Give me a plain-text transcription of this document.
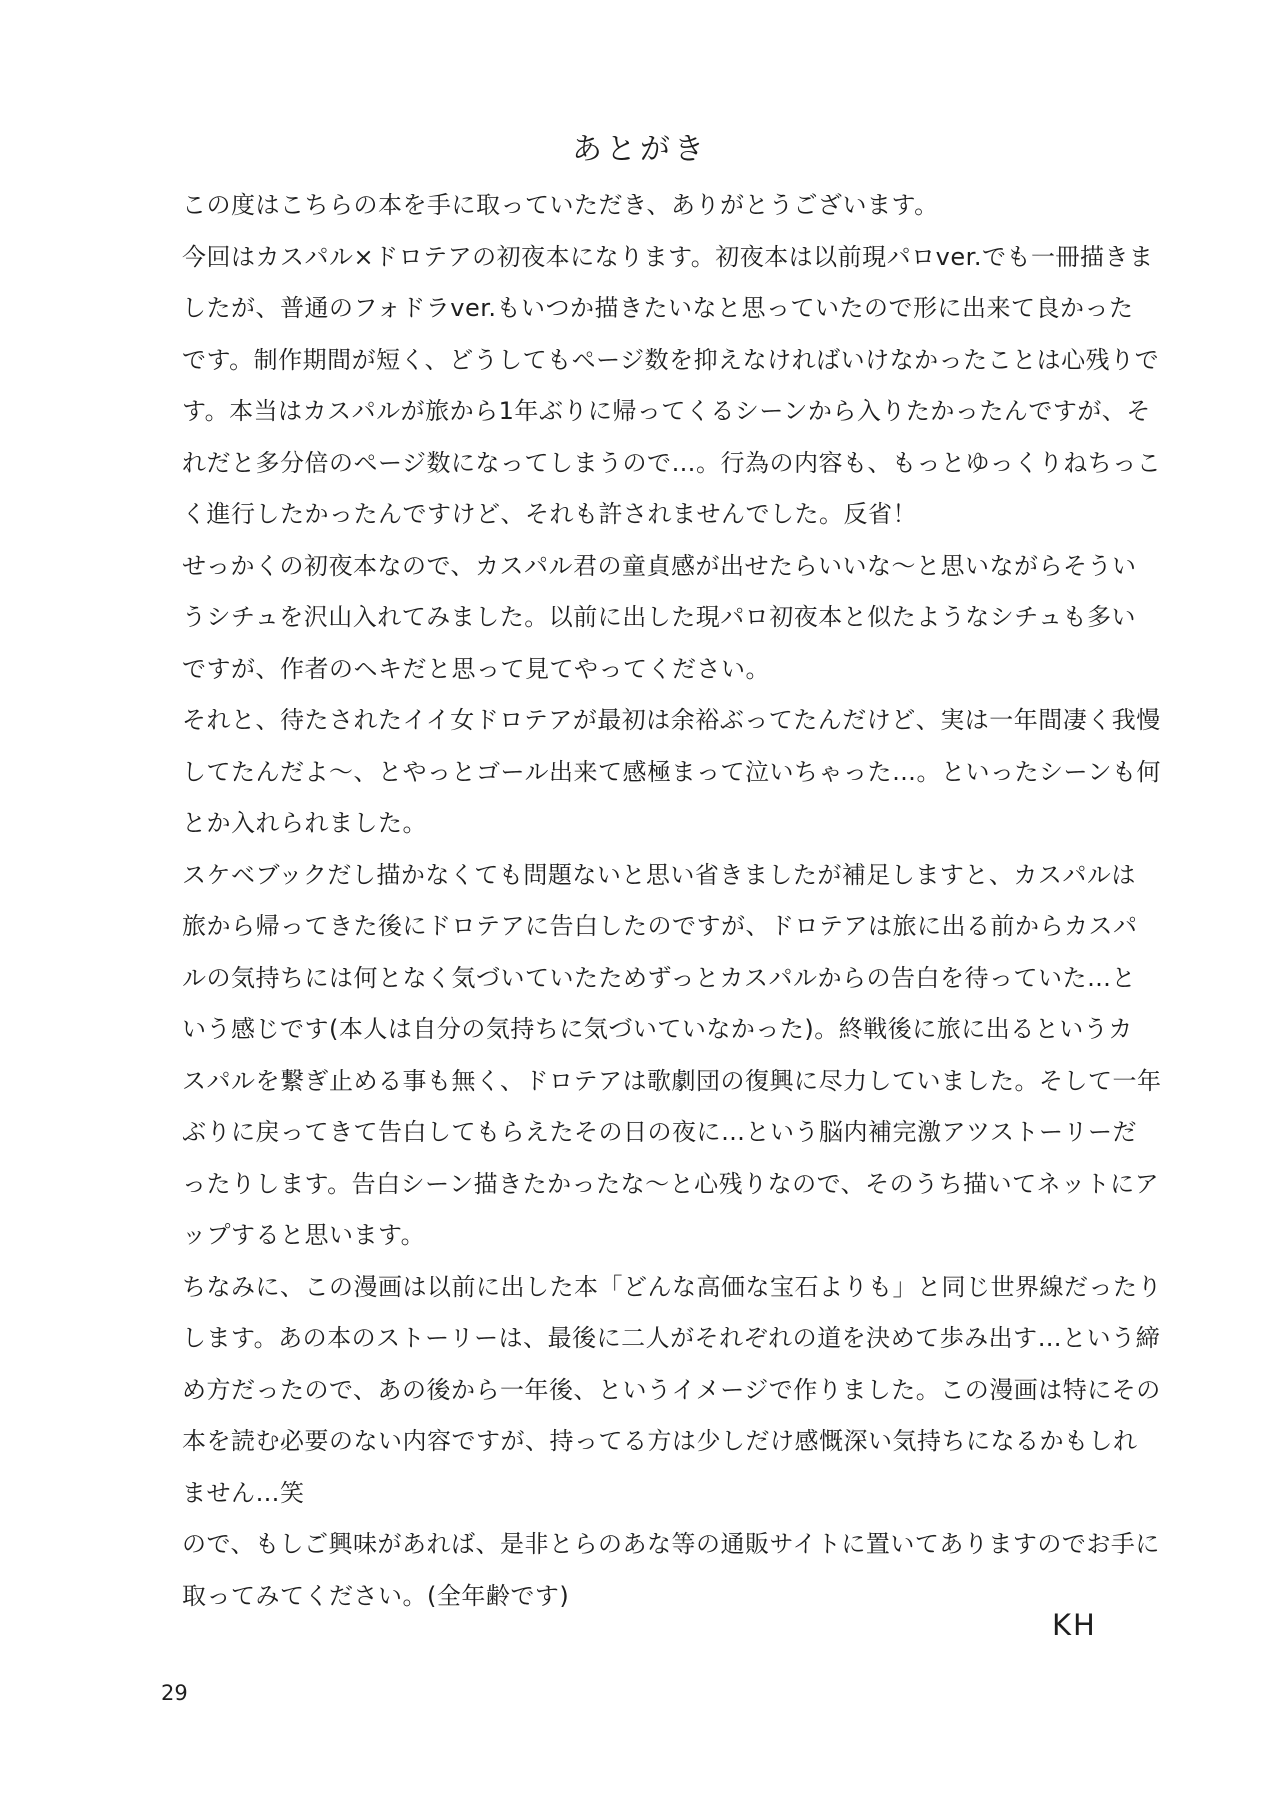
あとがき
この度はこちらの本を手に取っていただき、ありがとうございます。
今回はカスパル×ドロテアの初夜本になります。初夜本は以前現パロver.でも一冊描きま
したが、普通のフォドラver.もいつか描きたいなと思っていたので形に出来て良かった
です。制作期間が短く、どうしてもページ数を抑えなければいけなかったことは心残りで
す。本当はカスパルが旅から1年ぶりに帰ってくるシーンから入りたかったんですが、そ
れだと多分倍のページ数になってしまうので…。行為の内容も、もっとゆっくりねちっこ
く進行したかったんですけど、それも許されませんでした。反省！
せっかくの初夜本なので、カスパル君の童貞感が出せたらいいな〜と思いながらそうい
うシチュを沢山入れてみました。以前に出した現パロ初夜本と似たようなシチュも多い
ですが、作者のヘキだと思って見てやってください。
それと、待たされたイイ女ドロテアが最初は余裕ぶってたんだけど、実は一年間凄く我慢
してたんだよ〜、とやっとゴール出来て感極まって泣いちゃった…。といったシーンも何
とか入れられました。
スケベブックだし描かなくても問題ないと思い省きましたが補足しますと、カスパルは
旅から帰ってきた後にドロテアに告白したのですが、ドロテアは旅に出る前からカスパ
ルの気持ちには何となく気づいていたためずっとカスパルからの告白を待っていた…と
いう感じです(本人は自分の気持ちに気づいていなかった)。終戦後に旅に出るというカ
スパルを繋ぎ止める事も無く、ドロテアは歌劇団の復興に尽力していました。そして一年
ぶりに戻ってきて告白してもらえたその日の夜に…という脳内補完激アツストーリーだ
ったりします。告白シーン描きたかったな〜と心残りなので、そのうち描いてネットにア
ップすると思います。
ちなみに、この漫画は以前に出した本「どんな高価な宝石よりも」と同じ世界線だったり
します。あの本のストーリーは、最後に二人がそれぞれの道を決めて歩み出す…という締
め方だったので、あの後から一年後、というイメージで作りました。この漫画は特にその
本を読む必要のない内容ですが、持ってる方は少しだけ感慨深い気持ちになるかもしれ
ません…笑
ので、もしご興味があれば、是非とらのあな等の通販サイトに置いてありますのでお手に
取ってみてください。(全年齢です)
KH
29
